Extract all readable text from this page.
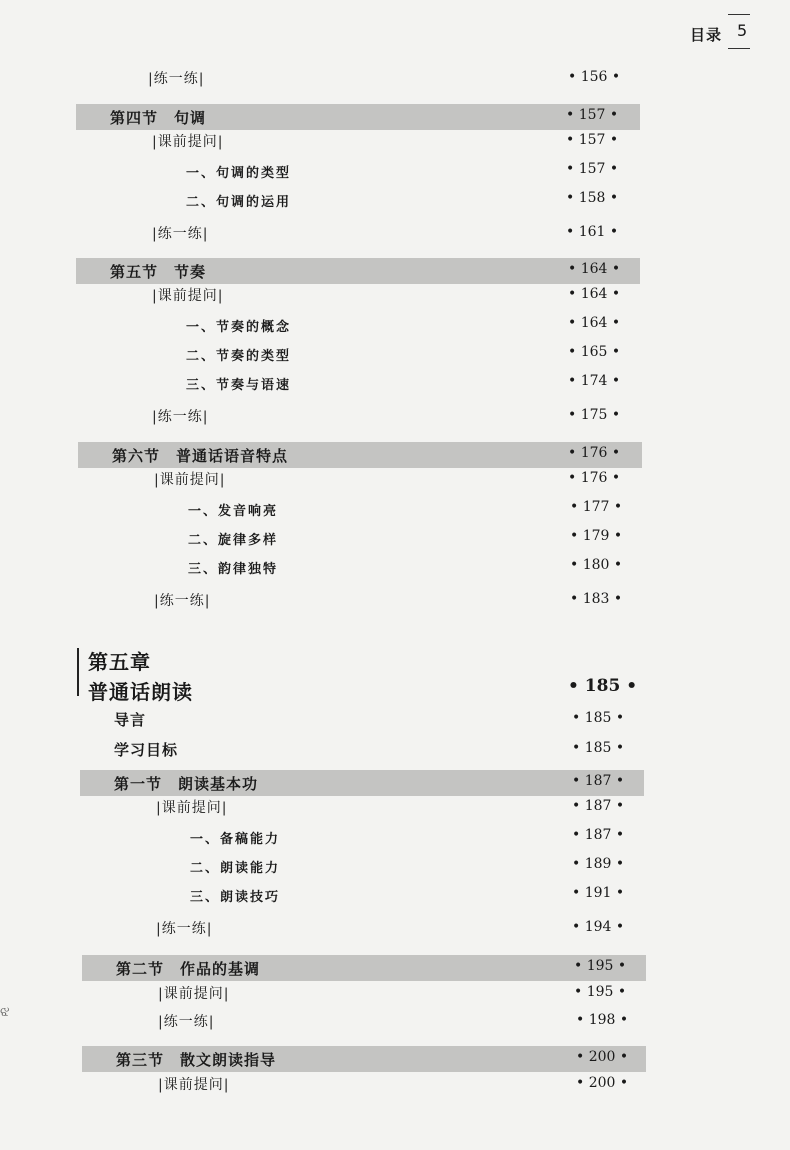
目录 5
|练一练|	• 156 •
第四节　句调	• 157 •
|课前提问|	• 157 •
一、句调的类型	• 157 •
二、句调的运用	• 158 •
|练一练|	• 161 •
第五节　节奏	• 164 •
|课前提问|	• 164 •
一、节奏的概念	• 164 •
二、节奏的类型	• 165 •
三、节奏与语速	• 174 •
|练一练|	• 175 •
第六节　普通话语音特点	• 176 •
|课前提问|	• 176 •
一、发音响亮	• 177 •
二、旋律多样	• 179 •
三、韵律独特	• 180 •
|练一练|	• 183 •
第五章
普通话朗读	• 185 •
导言	• 185 •
学习目标	• 185 •
第一节　朗读基本功	• 187 •
|课前提问|	• 187 •
一、备稿能力	• 187 •
二、朗读能力	• 189 •
三、朗读技巧	• 191 •
|练一练|	• 194 •
第二节　作品的基调	• 195 •
|课前提问|	• 195 •
|练一练|	• 198 •
第三节　散文朗读指导	• 200 •
|课前提问|	• 200 •
ଝ
